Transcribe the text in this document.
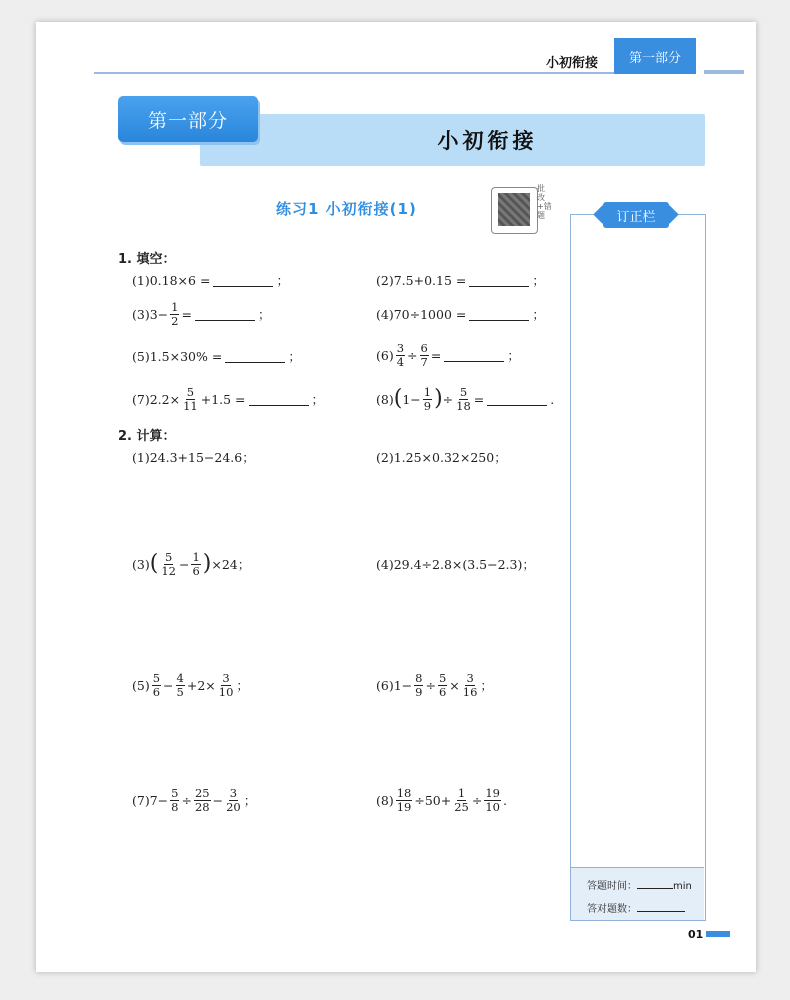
小初衔接	第一部分
小初衔接
第一部分
练习1 小初衔接(1)
批改+错题	订正栏
答题时间：	min
答对题数：
01
1. 填空：
(1) 0.18×6 =	；	(2) 7.5+0.15 =	；
(3) $3- \frac{1}{2}$ =	；	(4) 70÷1000 =	；
(5) 1.5×30% =	；	$(6) \frac{3}{4} \div \frac{6}{7}$ =	；
(7) $2.2\times \frac{5}{11} +1.5$ =	；	(8) ( $1- \frac{1}{9}$ ) ÷ $\frac{5}{18}$ =	.
2. 计算：
(1) 24.3+15−24.6；	(2) 1.25×0.32×250；
(3) ( $\frac{5}{12} - \frac{1}{6}$ ) ×24；	(4) 29.4÷2.8×(3.5−2.3)；
$(5) \frac{5}{6} - \frac{4}{5} +2\times \frac{3}{10}$ ；	(6) $1- \frac{8}{9} \div \frac{5}{6} \times \frac{3}{16}$ ；
(7) $7- \frac{5}{8} \div \frac{25}{28} - \frac{3}{20}$ ；	$(8) \frac{18}{19} \div 50+ \frac{1}{25} \div \frac{19}{10}$ .
